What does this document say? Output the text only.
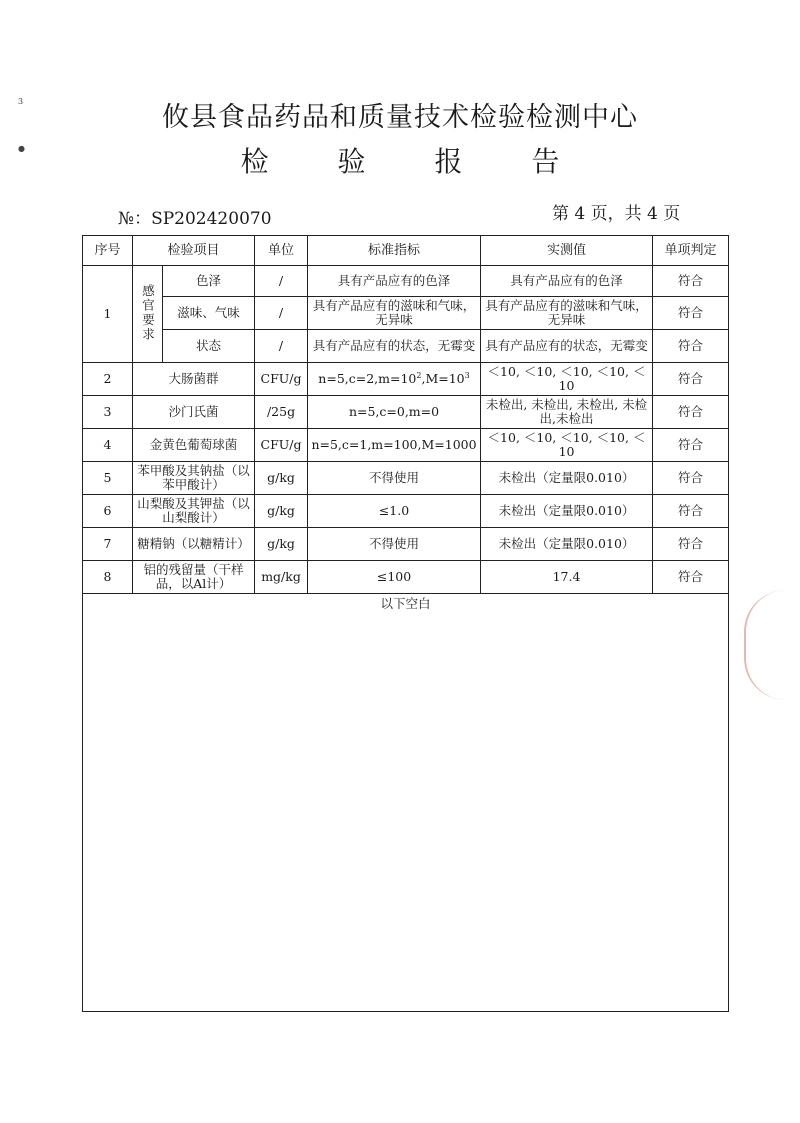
3
●
攸县食品药品和质量技术检验检测中心
检 验 报 告
№：SP202420070	第 4 页，共 4 页
序号	检验项目		单位	标准指标	实测值	单项判定
1	感官要求	色泽	/	具有产品应有的色泽	具有产品应有的色泽	符合
		滋味、气味	/	具有产品应有的滋味和气味，无异味	具有产品应有的滋味和气味，无异味	符合
		状态	/	具有产品应有的状态，无霉变	具有产品应有的状态，无霉变	符合
2	大肠菌群		CFU/g	$n=5,c=2,m=10^2,M=10^3$	＜10, ＜10, ＜10, ＜10, ＜10	符合
3	沙门氏菌		/25g	n=5,c=0,m=0	未检出, 未检出, 未检出, 未检出,未检出	符合
4	金黄色葡萄球菌		CFU/g	n=5,c=1,m=100,M=1000	＜10, ＜10, ＜10, ＜10, ＜10	符合
5	苯甲酸及其钠盐（以苯甲酸计）		g/kg	不得使用	未检出（定量限0.010）	符合
6	山梨酸及其钾盐（以山梨酸计）		g/kg	≤1.0	未检出（定量限0.010）	符合
7	糖精钠（以糖精计）		g/kg	不得使用	未检出（定量限0.010）	符合
8	铝的残留量（干样品，以Al计）		mg/kg	≤100	17.4	符合
以下空白						
